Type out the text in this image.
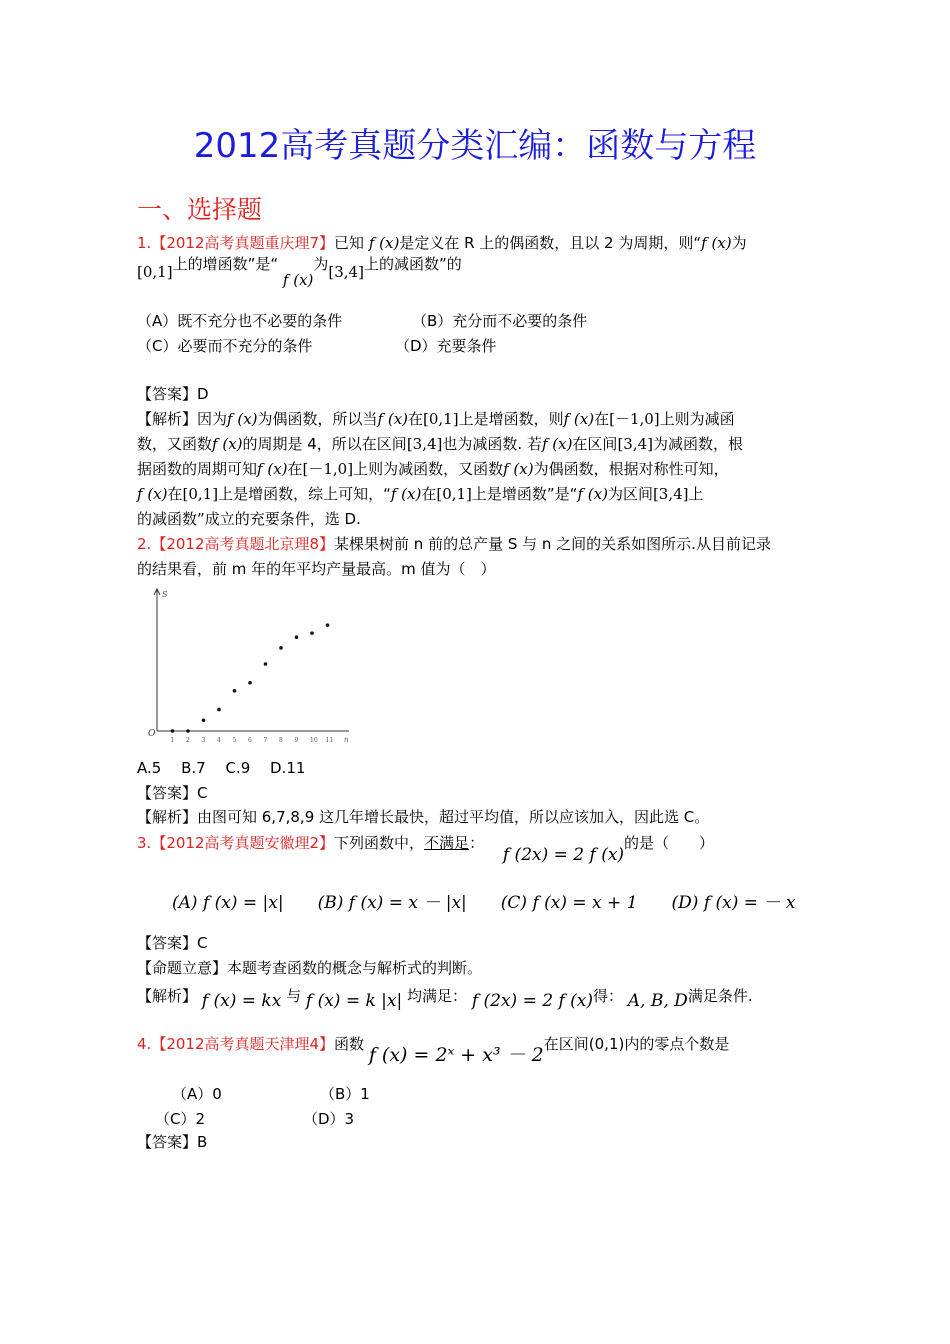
2012高考真题分类汇编：函数与方程
一、选择题
1.【2012高考真题重庆理7】已知 f (x)是定义在 R 上的偶函数，且以 2 为周期，则“f (x)为
[0,1]上的增函数”是“ f (x)为[3,4]上的减函数”的
（A）既不充分也不必要的条件	（B）充分而不必要的条件
（C）必要而不充分的条件	（D）充要条件
【答案】D
【解析】因为f (x)为偶函数，所以当f (x)在[0,1]上是增函数，则f (x)在[－1,0]上则为减函
数，又函数f (x)的周期是 4，所以在区间[3,4]也为减函数. 若f (x)在区间[3,4]为减函数，根
据函数的周期可知f (x)在[－1,0]上则为减函数，又函数f (x)为偶函数，根据对称性可知，
f (x)在[0,1]上是增函数，综上可知，“f (x)在[0,1]上是增函数”是“f (x)为区间[3,4]上
的减函数”成立的充要条件，选 D.
2.【2012高考真题北京理8】某棵果树前 n 前的总产量 S 与 n 之间的关系如图所示.从目前记录
的结果看，前 m 年的年平均产量最高。m 值为（　）
O
S
n
1 2 3 4 5 6 7 8 9 10 11
A.5　 B.7　 C.9　 D.11
【答案】C
【解析】由图可知 6,7,8,9 这几年增长最快，超过平均值，所以应该加入，因此选 C。
3.【2012高考真题安徽理2】下列函数中，不满足： f (2x) = 2 f (x)的是（　　）
(A) f (x) = |x|　　(B) f (x) = x － |x|　　(C) f (x) = x + 1　　(D) f (x) = － x
【答案】C
【命题立意】本题考查函数的概念与解析式的判断。
【解析】 f (x) = kx 与 f (x) = k |x| 均满足： f (2x) = 2 f (x)得： A, B, D满足条件.
4.【2012高考真题天津理4】函数 f (x) = 2ˣ + x³ － 2在区间(0,1)内的零点个数是
（A）0	（B）1
（C）2	（D）3
【答案】B
